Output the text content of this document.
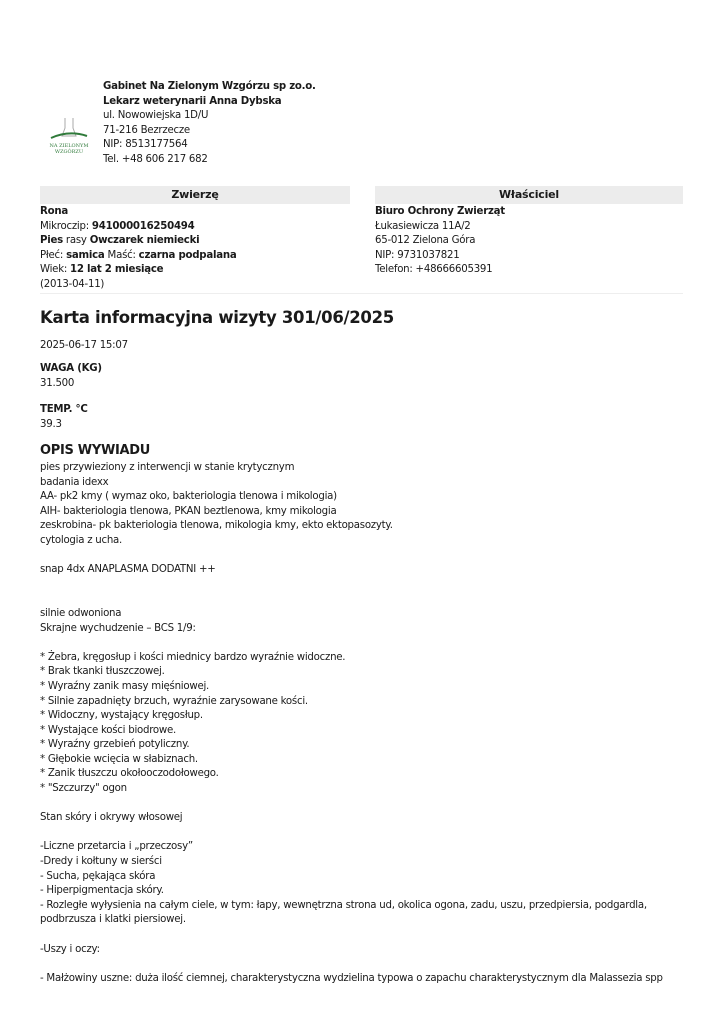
NA ZIELONYM
WZGÓRZU
Gabinet Na Zielonym Wzgórzu sp zo.o.
Lekarz weterynarii Anna Dybska
ul. Nowowiejska 1D/U
71-216 Bezrzecze
NIP: 8513177564
Tel. +48 606 217 682
Zwierzę
Rona
Mikroczip: 941000016250494
Pies rasy Owczarek niemiecki
Płeć: samica Maść: czarna podpalana
Wiek: 12 lat 2 miesiące
(2013-04-11)
Właściciel
Biuro Ochrony Zwierząt
Łukasiewicza 11A/2
65-012 Zielona Góra
NIP: 9731037821
Telefon: +48666605391
Karta informacyjna wizyty 301/06/2025
2025-06-17 15:07
WAGA (KG)
31.500
TEMP. °C
39.3
OPIS WYWIADU
pies przywieziony z interwencji w stanie krytycznym
badania idexx
AA- pk2 kmy ( wymaz oko, bakteriologia tlenowa i mikologia)
AIH- bakteriologia tlenowa, PKAN beztlenowa, kmy mikologia
zeskrobina- pk bakteriologia tlenowa, mikologia kmy, ekto ektopasozyty.
cytologia z ucha.
snap 4dx ANAPLASMA DODATNI ++
silnie odwoniona
Skrajne wychudzenie – BCS 1/9:
* Żebra, kręgosłup i kości miednicy bardzo wyraźnie widoczne.
* Brak tkanki tłuszczowej.
* Wyraźny zanik masy mięśniowej.
* Silnie zapadnięty brzuch, wyraźnie zarysowane kości.
* Widoczny, wystający kręgosłup.
* Wystające kości biodrowe.
* Wyraźny grzebień potyliczny.
* Głębokie wcięcia w słabiznach.
* Zanik tłuszczu okołooczodołowego.
* "Szczurzy" ogon
Stan skóry i okrywy włosowej
-Liczne przetarcia i „przeczosy”
-Dredy i kołtuny w sierści
- Sucha, pękająca skóra
- Hiperpigmentacja skóry.
- Rozległe wyłysienia na całym ciele, w tym: łapy, wewnętrzna strona ud, okolica ogona, zadu, uszu, przedpiersia, podgardla, podbrzusza i klatki piersiowej.
-Uszy i oczy:
- Małżowiny uszne: duża ilość ciemnej, charakterystyczna wydzielina typowa o zapachu charakterystycznym dla Malassezia spp
